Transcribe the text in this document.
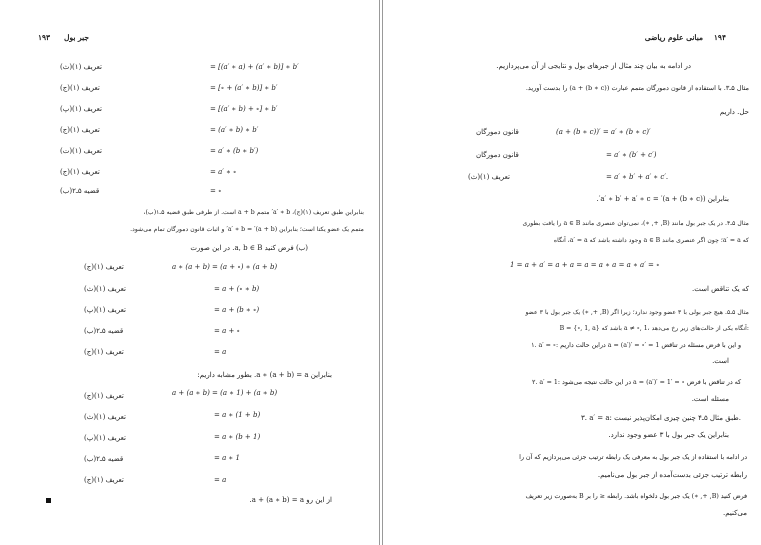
۱۹۳ جبر بول
= [(a′ ∗ a) + (a′ ∗ b)] ∗ b′
تعریف (۱)(ث)
= [∘ + (a′ ∗ b)] ∗ b′
تعریف (۱)(ج)
= [(a′ ∗ b) + ∘] ∗ b′
تعریف (۱)(پ)
= (a′ ∗ b) ∗ b′
تعریف (۱)(ج)
= a′ ∗ (b ∗ b′)
تعریف (۱)(ت)
= a′ ∗ ∘
تعریف (۱)(ج)
= ∘
قضیه ۵ـ۲(ب)
بنابراین طبق تعریف (۱)(ج)، a′ ∗ b′ متمم a + b است. از طرفی طبق قضیه ۵ـ۱(ب)،
متمم یک عضو یکتا است؛ بنابراین (a + b)′ = a′ ∗ b′ و اثبات قانون دمورگان تمام می‌شود.
(ب) فرض کنید a, b ∈ B. در این صورت
a ∗ (a + b) = (a + ∘) ∗ (a + b)
تعریف (۱)(ج)
= a + (∘ ∗ b)
تعریف (۱)(ث)
= a + (b ∗ ∘)
تعریف (۱)(پ)
= a + ∘
قضیه ۵ـ۲(ب)
= a
تعریف (۱)(ج)
بنابراین a ∗ (a + b) = a. بطور مشابه داریم:
a + (a ∗ b) = (a ∗ 1) + (a ∗ b)
تعریف (۱)(ج)
= a ∗ (1 + b)
تعریف (۱)(ث)
= a ∗ (b + 1)
تعریف (۱)(پ)
= a ∗ 1
قضیه ۵ـ۲(ب)
= a
تعریف (۱)(ج)
از این رو a + (a ∗ b) = a.
۱۹۴
مبانی علوم ریاضی
در ادامه به بیان چند مثال از جبرهای بول و نتایجی از آن می‌پردازیم.
مثال ۵ـ۳. با استفاده از قانون دمورگان متمم عبارت (a + (b ∗ c)) را بدست آورید.
حل. داریم
(a + (b ∗ c))′ = a′ ∗ (b ∗ c)′
قانون دمورگان
= a′ ∗ (b′ + c′)
قانون دمورگان
= a′ ∗ b′ + a′ ∗ c′.
تعریف (۱)(ث)
بنابراین (a + (b ∗ c))′ = a′ ∗ b′ + a′ ∗ c′.
مثال ۵ـ۴. در یک جبر بول مانند (B, +, ∗)، نمی‌توان عنصری مانند a ∈ B را یافت بطوری
که a′ = a؛ چون اگر عنصری مانند a ∈ B وجود داشته باشد که a′ = a، آنگاه
1 = a + a′ = a + a = a = a ∗ a = a ∗ a′ = ∘
که یک تناقض است.
مثال ۵ـ۵. هیچ جبر بولی با ۳ عضو وجود ندارد؛ زیرا اگر (B, +, ∗) یک جبر بول با ۳ عضو
B = {∘, 1, a} باشد که a ≠ ∘, 1، آنگاه یکی از حالت‌های زیر رخ می‌دهد:
۱. a′ = ∘: دراین حالت داریم a = (a′)′ = ∘′ = 1 و این با فرض مسئله در تناقض
است.
۲. a′ = 1: در این حالت نتیجه می‌شود a = (a′)′ = 1′ = ∘ که در تناقض با فرض
مسئله است.
۳. a′ = a: طبق مثال ۵ـ۴ چنین چیزی امکان‌پذیر نیست.
بنابراین یک جبر بول با ۳ عضو وجود ندارد.
در ادامه با استفاده از یک جبر بول به معرفی یک رابطه ترتیب جزئی می‌پردازیم که آن را
رابطه ترتیب جزئی بدست‌آمده از جبر بول می‌نامیم.
فرض کنید (B, +, ∗) یک جبر بول دلخواه باشد. رابطه ≤ را بر B به‌صورت زیر تعریف
می‌کنیم.
